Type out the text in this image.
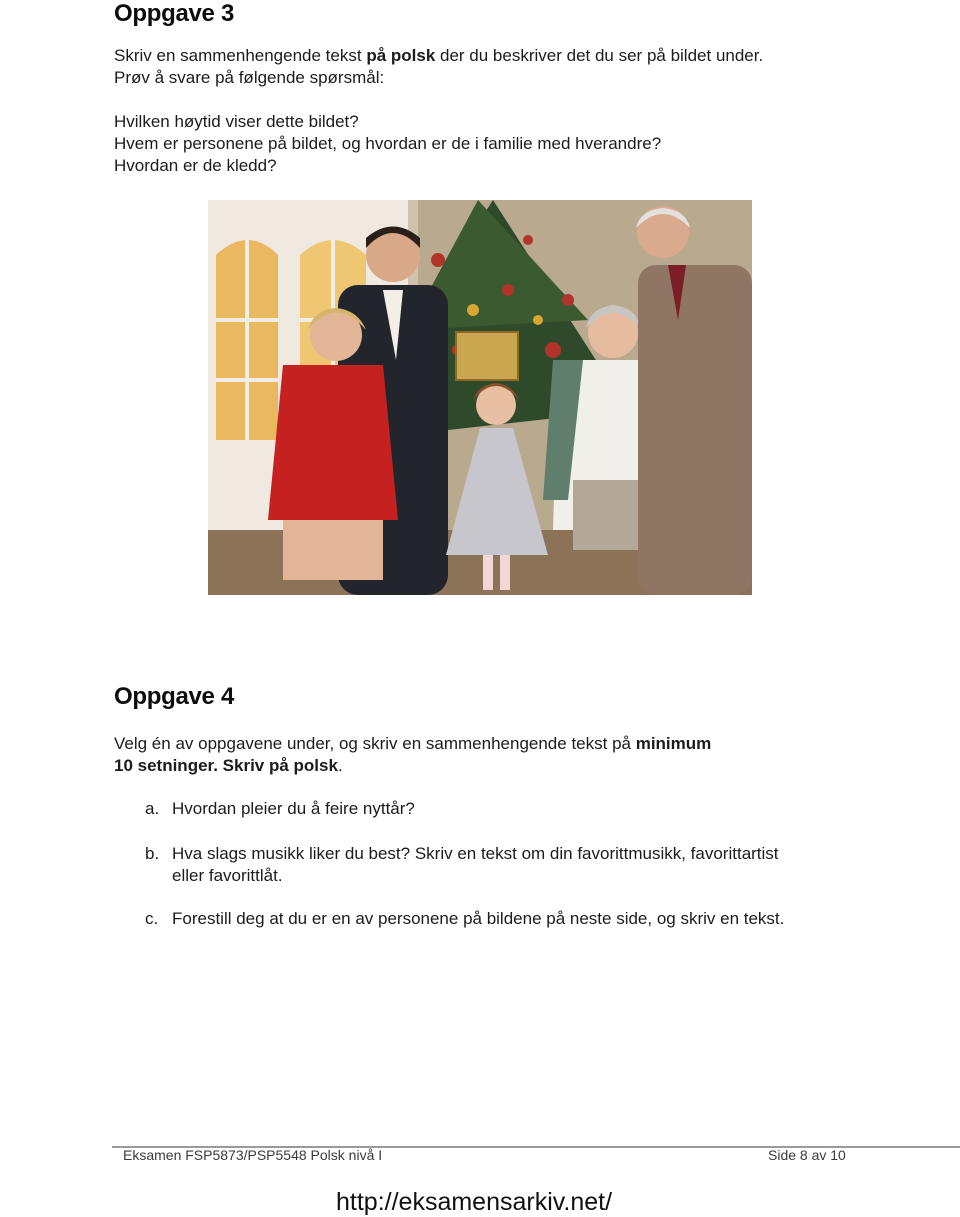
Oppgave 3
Skriv en sammenhengende tekst på polsk der du beskriver det du ser på bildet under.
Prøv å svare på følgende spørsmål:
Hvilken høytid viser dette bildet?
Hvem er personene på bildet, og hvordan er de i familie med hverandre?
Hvordan er de kledd?
Oppgave 4
Velg én av oppgavene under, og skriv en sammenhengende tekst på minimum
10 setninger. Skriv på polsk.
a. Hvordan pleier du å feire nyttår?
b. Hva slags musikk liker du best? Skriv en tekst om din favorittmusikk, favorittartist
eller favorittlåt.
c. Forestill deg at du er en av personene på bildene på neste side, og skriv en tekst.
Eksamen FSP5873/PSP5548 Polsk nivå I	Side 8 av 10
http://eksamensarkiv.net/
